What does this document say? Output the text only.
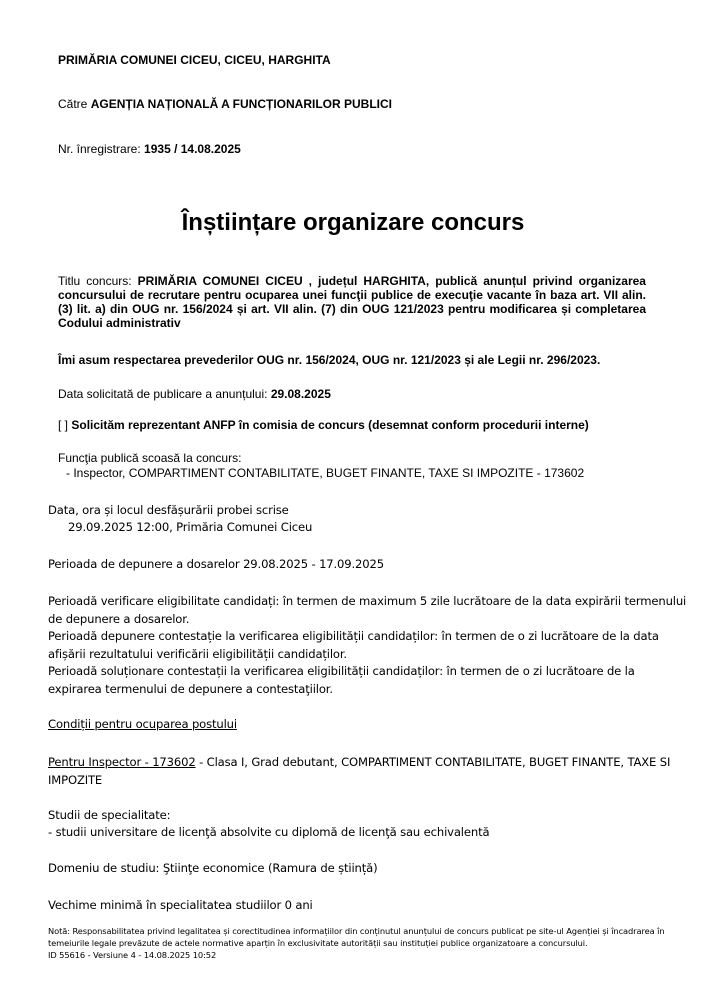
PRIMĂRIA COMUNEI CICEU, CICEU, HARGHITA
Către AGENȚIA NAȚIONALĂ A FUNCȚIONARILOR PUBLICI
Nr. înregistrare: 1935 / 14.08.2025
Înștiințare organizare concurs
Titlu concurs: PRIMĂRIA COMUNEI CICEU , județul HARGHITA, publică anunțul privind organizarea concursului de recrutare pentru ocuparea unei funcţii publice de execuţie vacante în baza art. VII alin. (3) lit. a) din OUG nr. 156/2024 și art. VII alin. (7) din OUG 121/2023 pentru modificarea și completarea Codului administrativ
Îmi asum respectarea prevederilor OUG nr. 156/2024, OUG nr. 121/2023 și ale Legii nr. 296/2023.
Data solicitată de publicare a anunțului: 29.08.2025
[ ] Solicităm reprezentant ANFP în comisia de concurs (desemnat conform procedurii interne)
Funcţia publică scoasă la concurs:
- Inspector, COMPARTIMENT CONTABILITATE, BUGET FINANTE, TAXE SI IMPOZITE - 173602
Data, ora și locul desfășurării probei scrise
29.09.2025 12:00, Primăria Comunei Ciceu
Perioada de depunere a dosarelor 29.08.2025 - 17.09.2025
Perioadă verificare eligibilitate candidați: în termen de maximum 5 zile lucrătoare de la data expirării termenului de depunere a dosarelor.
Perioadă depunere contestație la verificarea eligibilității candidaților: în termen de o zi lucrătoare de la data afișării rezultatului verificării eligibilității candidaților.
Perioadă soluționare contestații la verificarea eligibilității candidaților: în termen de o zi lucrătoare de la expirarea termenului de depunere a contestaţiilor.
Condiții pentru ocuparea postului
Pentru Inspector - 173602 - Clasa I, Grad debutant, COMPARTIMENT CONTABILITATE, BUGET FINANTE, TAXE SI IMPOZITE
Studii de specialitate:
- studii universitare de licenţă absolvite cu diplomă de licenţă sau echivalentă
Domeniu de studiu: Ştiinţe economice (Ramura de știință)
Vechime minimă în specialitatea studiilor 0 ani
Notă: Responsabilitatea privind legalitatea și corectitudinea informațiilor din conținutul anunțului de concurs publicat pe site-ul Agenției și încadrarea în temeiurile legale prevăzute de actele normative aparțin în exclusivitate autorității sau instituției publice organizatoare a concursului.
ID 55616 - Versiune 4 - 14.08.2025 10:52
